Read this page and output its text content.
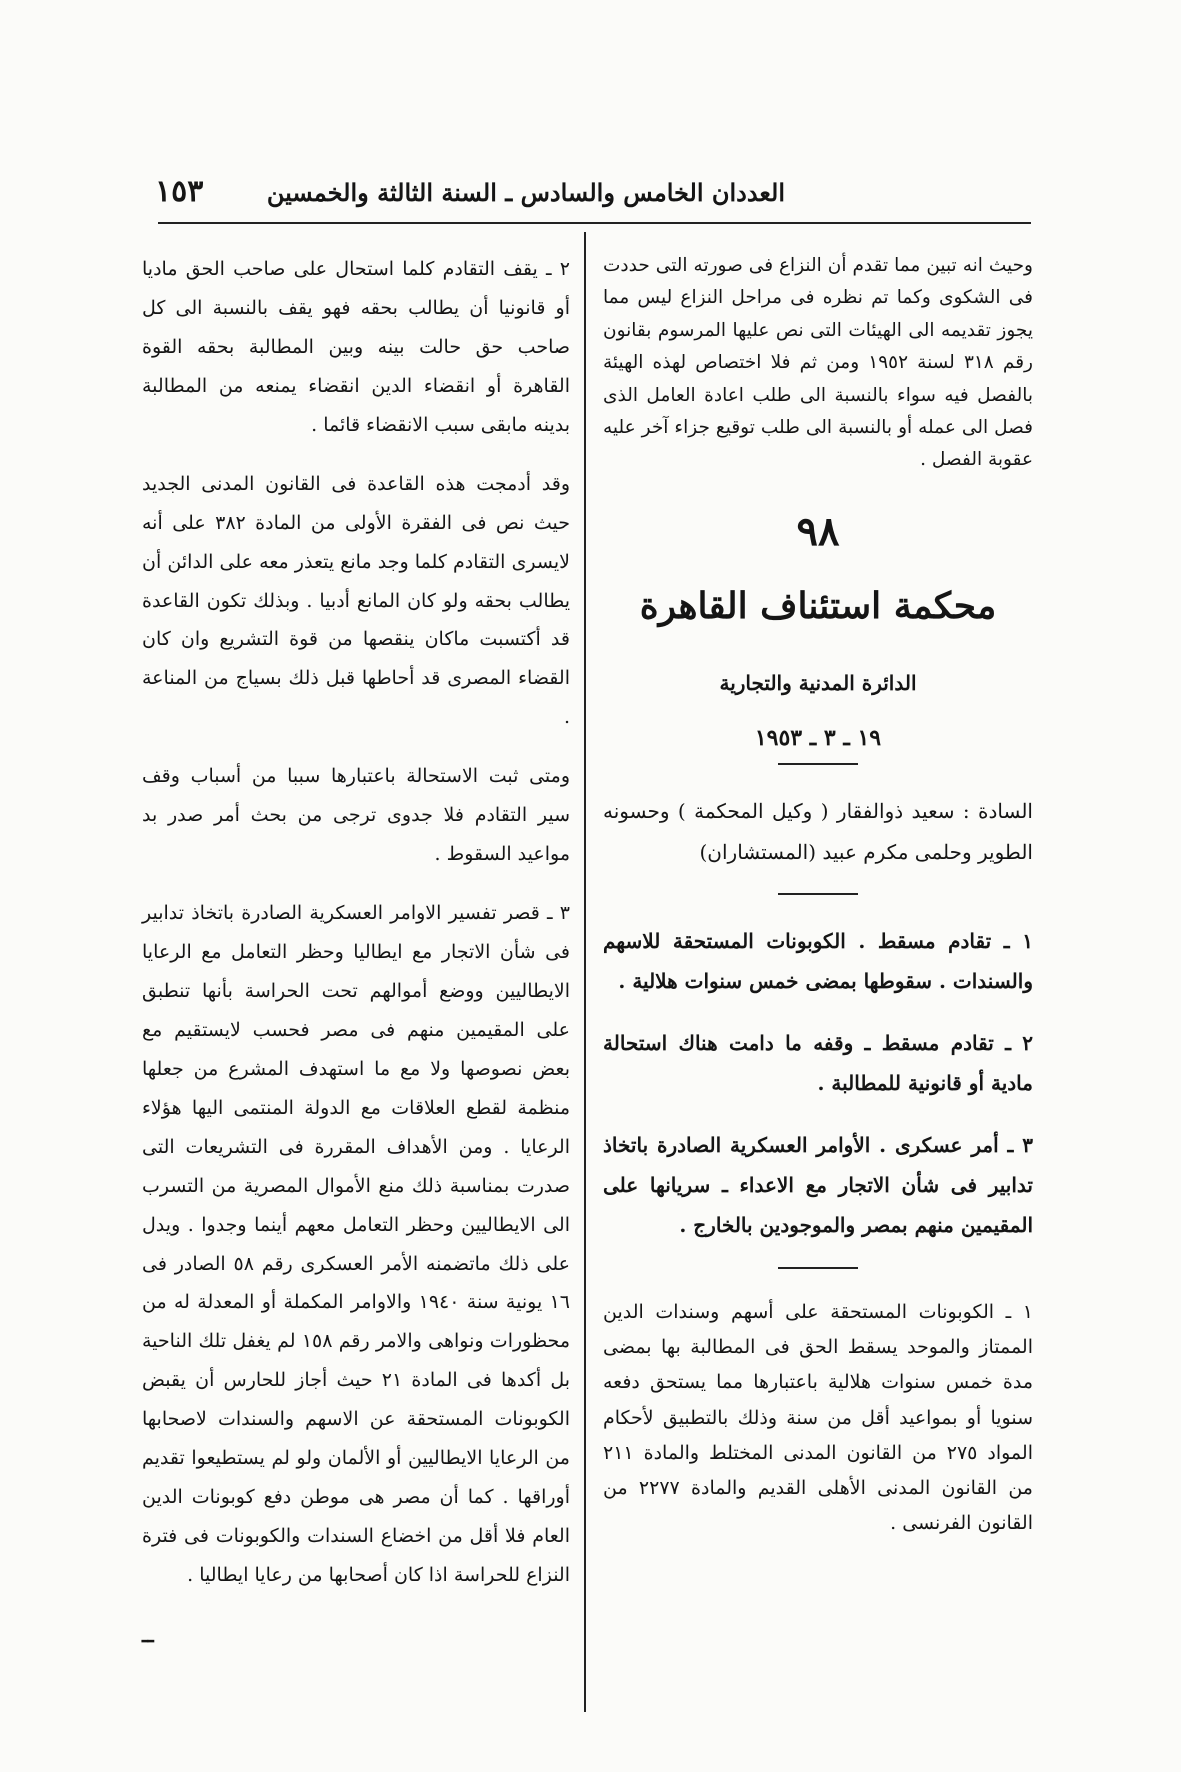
العددان الخامس والسادس ـ السنة الثالثة والخمسين
١٥٣

وحيث انه تبين مما تقدم أن النزاع فى صورته التى حددت فى الشكوى وكما تم نظره فى مراحل النزاع ليس مما يجوز تقديمه الى الهيئات التى نص عليها المرسوم بقانون رقم ٣١٨ لسنة ١٩٥٢ ومن ثم فلا اختصاص لهذه الهيئة بالفصل فيه سواء بالنسبة الى طلب اعادة العامل الذى فصل الى عمله أو بالنسبة الى طلب توقيع جزاء آخر عليه عقوبة الفصل .

٩٨
محكمة استئناف القاهرة
الدائرة المدنية والتجارية
١٩ ـ ٣ ـ ١٩٥٣

السادة : سعيد ذوالفقار ( وكيل المحكمة ) وحسونه الطوير وحلمى مكرم عبيد (المستشاران)

١ ـ تقادم مسقط . الكوبونات المستحقة للاسهم والسندات . سقوطها بمضى خمس سنوات هلالية .

٢ ـ تقادم مسقط ـ وقفه ما دامت هناك استحالة مادية أو قانونية للمطالبة .

٣ ـ أمر عسكرى . الأوامر العسكرية الصادرة باتخاذ تدابير فى شأن الاتجار مع الاعداء ـ سريانها على المقيمين منهم بمصر والموجودين بالخارج .

١ ـ الكوبونات المستحقة على أسهم وسندات الدين الممتاز والموحد يسقط الحق فى المطالبة بها بمضى مدة خمس سنوات هلالية باعتبارها مما يستحق دفعه سنويا أو بمواعيد أقل من سنة وذلك بالتطبيق لأحكام المواد ٢٧٥ من القانون المدنى المختلط والمادة ٢١١ من القانون المدنى الأهلى القديم والمادة ٢٢٧٧ من القانون الفرنسى .

٢ ـ يقف التقادم كلما استحال على صاحب الحق ماديا أو قانونيا أن يطالب بحقه فهو يقف بالنسبة الى كل صاحب حق حالت بينه وبين المطالبة بحقه القوة القاهرة أو انقضاء الدين انقضاء يمنعه من المطالبة بدينه مابقى سبب الانقضاء قائما .

وقد أدمجت هذه القاعدة فى القانون المدنى الجديد حيث نص فى الفقرة الأولى من المادة ٣٨٢ على أنه لايسرى التقادم كلما وجد مانع يتعذر معه على الدائن أن يطالب بحقه ولو كان المانع أدبيا . وبذلك تكون القاعدة قد أكتسبت ماكان ينقصها من قوة التشريع وان كان القضاء المصرى قد أحاطها قبل ذلك بسياج من المناعة .

ومتى ثبت الاستحالة باعتبارها سببا من أسباب وقف سير التقادم فلا جدوى ترجى من بحث أمر صدر بد مواعيد السقوط .

٣ ـ قصر تفسير الاوامر العسكرية الصادرة باتخاذ تدابير فى شأن الاتجار مع ايطاليا وحظر التعامل مع الرعايا الايطاليين ووضع أموالهم تحت الحراسة بأنها تنطبق على المقيمين منهم فى مصر فحسب لايستقيم مع بعض نصوصها ولا مع ما استهدف المشرع من جعلها منظمة لقطع العلاقات مع الدولة المنتمى اليها هؤلاء الرعايا . ومن الأهداف المقررة فى التشريعات التى صدرت بمناسبة ذلك منع الأموال المصرية من التسرب الى الايطاليين وحظر التعامل معهم أينما وجدوا . ويدل على ذلك ماتضمنه الأمر العسكرى رقم ٥٨ الصادر فى ١٦ يونية سنة ١٩٤٠ والاوامر المكملة أو المعدلة له من محظورات ونواهى والامر رقم ١٥٨ لم يغفل تلك الناحية بل أكدها فى المادة ٢١ حيث أجاز للحارس أن يقبض الكوبونات المستحقة عن الاسهم والسندات لاصحابها من الرعايا الايطاليين أو الألمان ولو لم يستطيعوا تقديم أوراقها . كما أن مصر هى موطن دفع كوبونات الدين العام فلا أقل من اخضاع السندات والكوبونات فى فترة النزاع للحراسة اذا كان أصحابها من رعايا ايطاليا .

ــ
